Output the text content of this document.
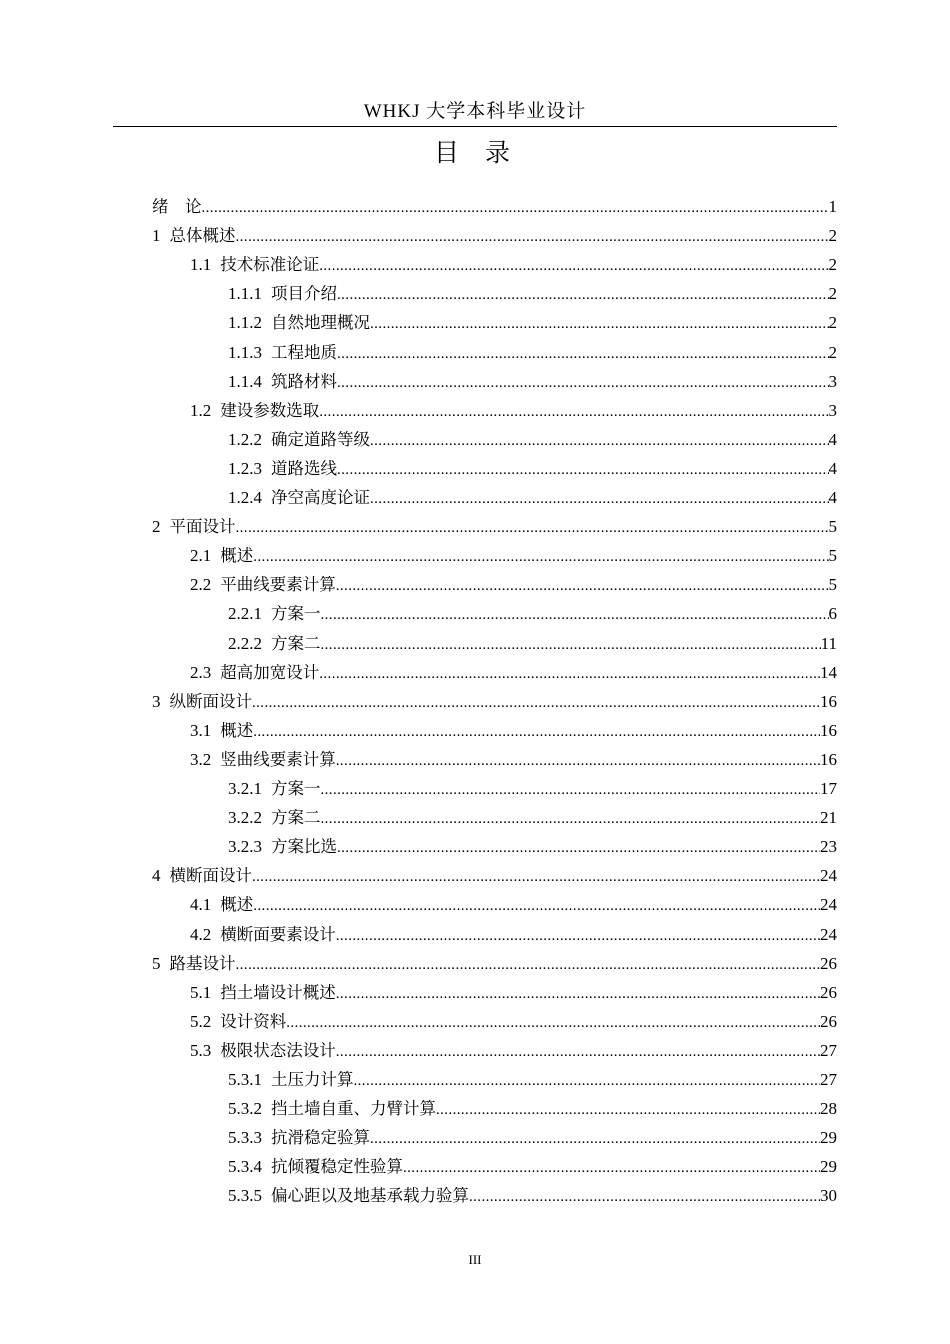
WHKJ 大学本科毕业设计
目 录
绪　论 .....	1
1 总体概述 .....	2
1.1 技术标准论证 .....	2
1.1.1 项目介绍 .....	2
1.1.2 自然地理概况 .....	2
1.1.3 工程地质 .....	2
1.1.4 筑路材料 .....	3
1.2 建设参数选取 .....	3
1.2.2 确定道路等级 .....	4
1.2.3 道路选线 .....	4
1.2.4 净空高度论证 .....	4
2 平面设计 .....	5
2.1 概述 .....	5
2.2 平曲线要素计算 .....	5
2.2.1 方案一 .....	6
2.2.2 方案二 .....	11
2.3 超高加宽设计 .....	14
3 纵断面设计 .....	16
3.1 概述 .....	16
3.2 竖曲线要素计算 .....	16
3.2.1 方案一 .....	17
3.2.2 方案二 .....	21
3.2.3 方案比选 .....	23
4 横断面设计 .....	24
4.1 概述 .....	24
4.2 横断面要素设计 .....	24
5 路基设计 .....	26
5.1 挡土墙设计概述 .....	26
5.2 设计资料 .....	26
5.3 极限状态法设计 .....	27
5.3.1 土压力计算 .....	27
5.3.2 挡土墙自重、力臂计算 .....	28
5.3.3 抗滑稳定验算 .....	29
5.3.4 抗倾覆稳定性验算 .....	29
5.3.5 偏心距以及地基承载力验算 .....	30
III
